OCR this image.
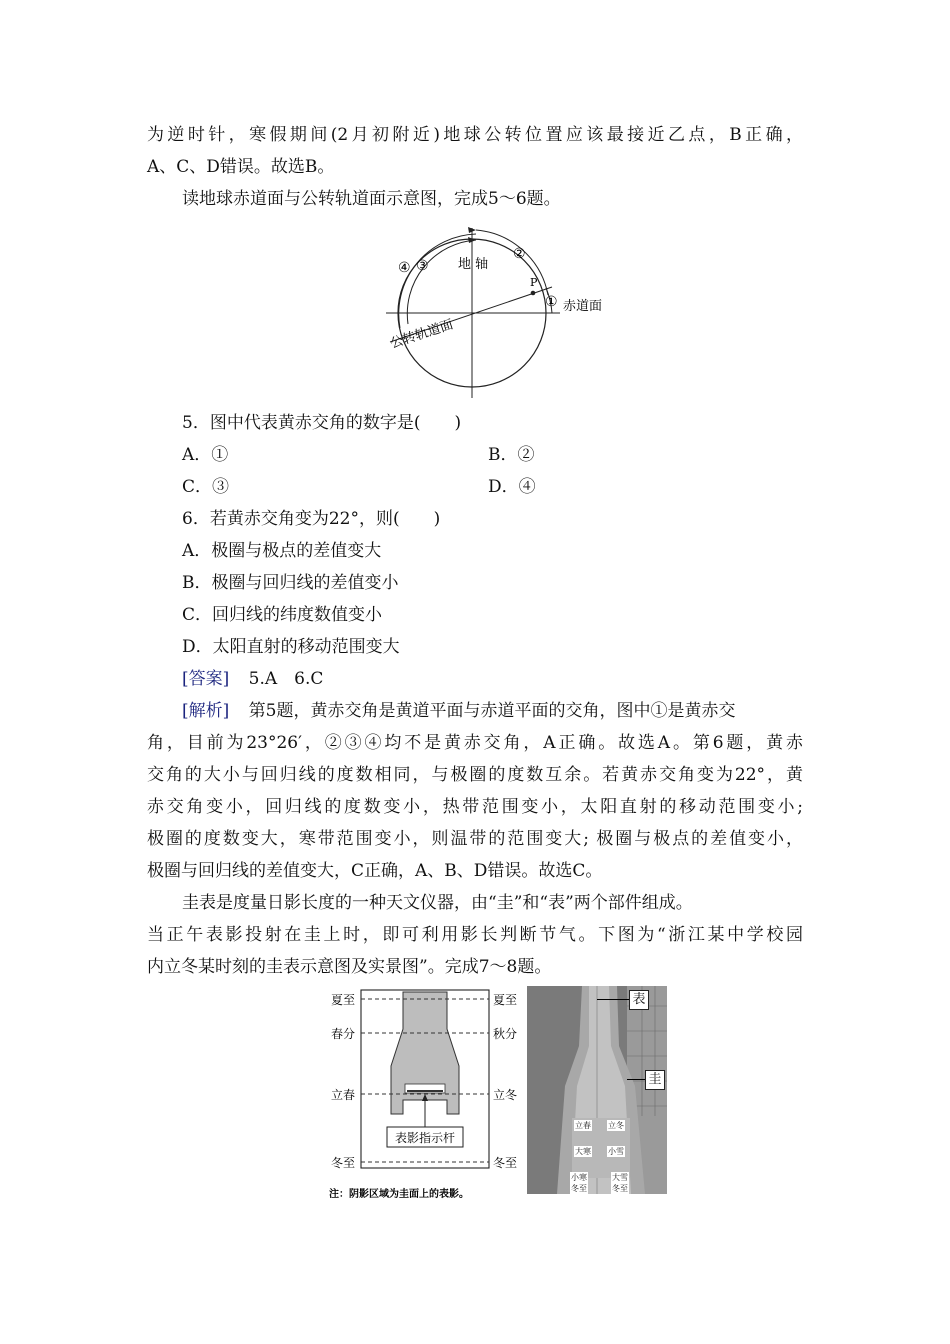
为逆时针，寒假期间(2月初附近)地球公转位置应该最接近乙点，B正确，
A、C、D错误。故选B。
读地球赤道面与公转轨道面示意图，完成5～6题。
地 轴
赤道面
公转轨道面
P
①
②
③
④
5．图中代表黄赤交角的数字是(　　)
A．①	B．②
C．③	D．④
6．若黄赤交角变为22°，则(　　)
A．极圈与极点的差值变大
B．极圈与回归线的差值变小
C．回归线的纬度数值变小
D．太阳直射的移动范围变大
[答案] 5.A　6.C
[解析] 第5题，黄赤交角是黄道平面与赤道平面的交角，图中①是黄赤交
角，目前为23°26′，②③④均不是黄赤交角，A正确。故选A。第6题，黄赤
交角的大小与回归线的度数相同，与极圈的度数互余。若黄赤交角变为22°，黄
赤交角变小，回归线的度数变小，热带范围变小，太阳直射的移动范围变小;
极圈的度数变大，寒带范围变小，则温带的范围变大; 极圈与极点的差值变小，
极圈与回归线的差值变大，C正确，A、B、D错误。故选C。
圭表是度量日影长度的一种天文仪器，由“圭”和“表”两个部件组成。
当正午表影投射在圭上时，即可利用影长判断节气。下图为“浙江某中学校园
内立冬某时刻的圭表示意图及实景图”。完成7～8题。
夏至	夏至
春分	秋分
立春	立冬
冬至	冬至
表影指示杆
注：阴影区域为圭面上的表影。
表
圭
立春 立冬
大寒 小雪
小寒	大雪
冬至	冬至
